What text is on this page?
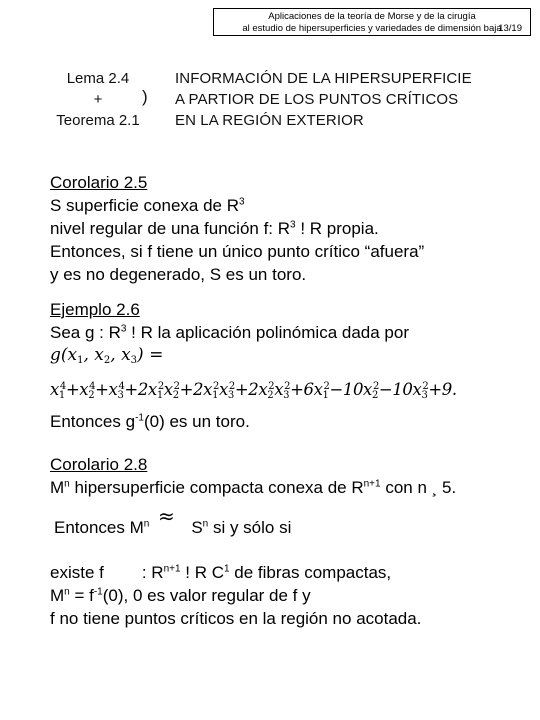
Aplicaciones de la teoría de Morse y de la cirugía
al estudio de hipersuperficies y variedades de dimensión baja
13/19
Lema 2.4
+
Teorema 2.1
)
INFORMACIÓN DE LA HIPERSUPERFICIE
A PARTIOR DE LOS PUNTOS CRÍTICOS
EN LA REGIÓN EXTERIOR
Corolario 2.5
S superficie conexa de $R^3$
nivel regular de una función f: $R^3$ ! R propia.
Entonces, si f tiene un único punto crítico “afuera”
y es no degenerado, S es un toro.
Ejemplo 2.6
Sea g : $R^3$ ! R la aplicación polinómica dada por
g(x1, x2, x3) =
$x1^4+x2^4+x3^4+2x1^2x2^2+2x1^2x3^2+2x2^2x3^2+6x1^2-10x2^2-10x3^2+9$.
Entonces $g^{-1}(0)$ es un toro.
Corolario 2.8
$M^n$ hipersuperficie compacta conexa de $R^{n+1}$ con n ¸ 5.
Entonces $M^n$ $S^n$ si y sólo si
≈
existe f : $R^{n+1}$ ! R $C^1$ de fibras compactas,
$M^n = f^{-1}(0)$, 0 es valor regular de f y
f no tiene puntos críticos en la región no acotada.
